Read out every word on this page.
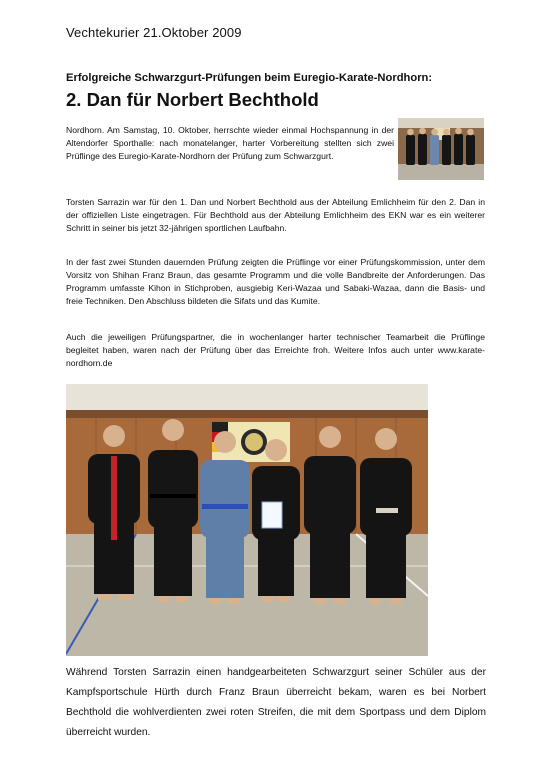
Vechtekurier 21.Oktober 2009
Erfolgreiche Schwarzgurt-Prüfungen beim Euregio-Karate-Nordhorn:
2. Dan für Norbert Bechthold
Nordhorn. Am Samstag, 10. Oktober, herrschte wieder einmal Hochspannung in der Altendorfer Sporthalle: nach monatelanger, harter Vorbereitung stellten sich zwei Prüflinge des Euregio-Karate-Nordhorn der Prüfung zum Schwarzgurt.
Torsten Sarrazin war für den 1. Dan und Norbert Bechthold aus der Abteilung Emlichheim für den 2. Dan in der offiziellen Liste eingetragen. Für Bechthold aus der Abteilung Emlichheim des EKN war es ein weiterer Schritt in seiner bis jetzt 32-jährigen sportlichen Laufbahn.
In der fast zwei Stunden dauernden Prüfung zeigten die Prüflinge vor einer Prüfungskommission, unter dem Vorsitz von Shihan Franz Braun, das gesamte Programm und die volle Bandbreite der Anforderungen. Das Programm umfasste Kihon in Stichproben, ausgiebig Keri-Wazaa und Sabaki-Wazaa, dann die Basis- und freie Techniken. Den Abschluss bildeten die Sifats und das Kumite.
Auch die jeweiligen Prüfungspartner, die in wochenlanger harter technischer Teamarbeit die Prüflinge begleitet haben, waren nach der Prüfung über das Erreichte froh. Weitere Infos auch unter www.karate-nordhorn.de
Während Torsten Sarrazin einen handgearbeiteten Schwarzgurt seiner Schüler aus der Kampfsportschule Hürth durch Franz Braun überreicht bekam, waren es bei Norbert Bechthold die wohlverdienten zwei roten Streifen, die mit dem Sportpass und dem Diplom überreicht wurden.
